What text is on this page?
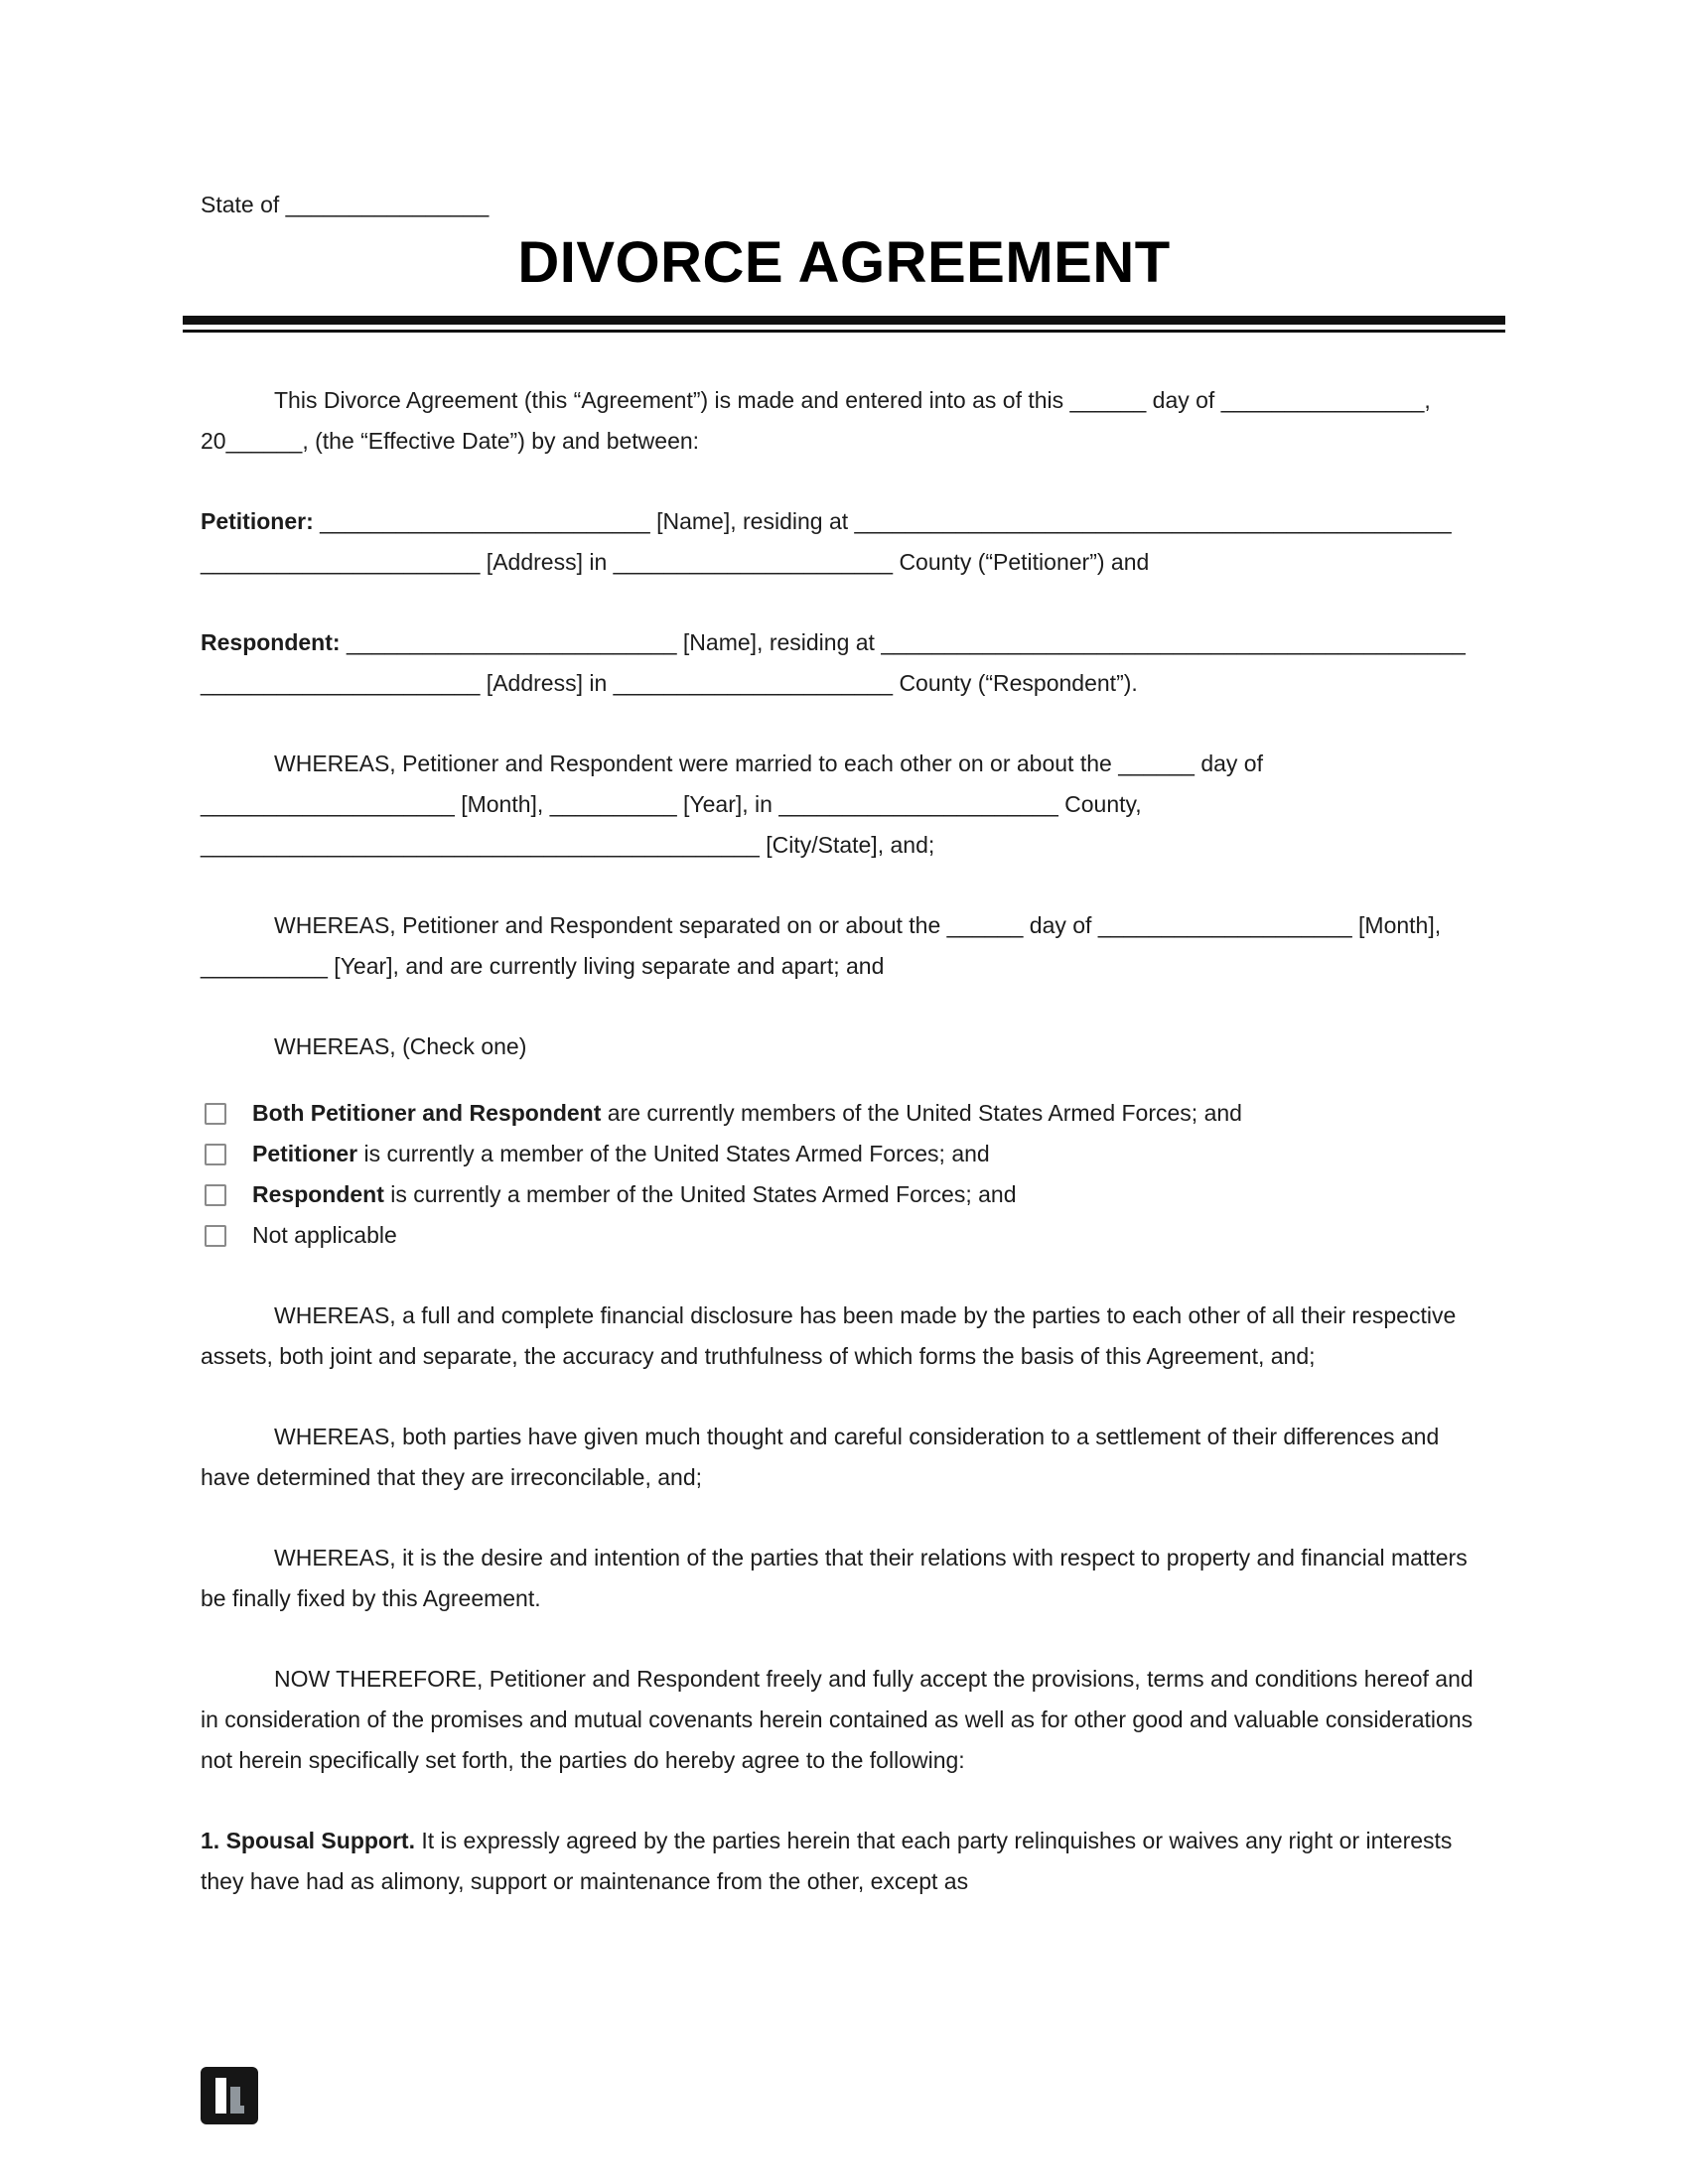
State of ________________

DIVORCE AGREEMENT

This Divorce Agreement (this “Agreement”) is made and entered into as of this ______ day of ________________, 20______, (the “Effective Date”) by and between:

Petitioner: __________________________ [Name], residing at _______________________________________________ ______________________ [Address] in ______________________ County (“Petitioner”) and

Respondent: __________________________ [Name], residing at ______________________________________________ ______________________ [Address] in ______________________ County (“Respondent”).

WHEREAS, Petitioner and Respondent were married to each other on or about the ______ day of ____________________ [Month], __________ [Year], in ______________________ County, ____________________________________________ [City/State], and;

WHEREAS, Petitioner and Respondent separated on or about the ______ day of ____________________ [Month], __________ [Year], and are currently living separate and apart; and

WHEREAS, (Check one)

Both Petitioner and Respondent are currently members of the United States Armed Forces; and
Petitioner is currently a member of the United States Armed Forces; and
Respondent is currently a member of the United States Armed Forces; and
Not applicable

WHEREAS, a full and complete financial disclosure has been made by the parties to each other of all their respective assets, both joint and separate, the accuracy and truthfulness of which forms the basis of this Agreement, and;

WHEREAS, both parties have given much thought and careful consideration to a settlement of their differences and have determined that they are irreconcilable, and;

WHEREAS, it is the desire and intention of the parties that their relations with respect to property and financial matters be finally fixed by this Agreement.

NOW THEREFORE, Petitioner and Respondent freely and fully accept the provisions, terms and conditions hereof and in consideration of the promises and mutual covenants herein contained as well as for other good and valuable considerations not herein specifically set forth, the parties do hereby agree to the following:

1. Spousal Support. It is expressly agreed by the parties herein that each party relinquishes or waives any right or interests they have had as alimony, support or maintenance from the other, except as
